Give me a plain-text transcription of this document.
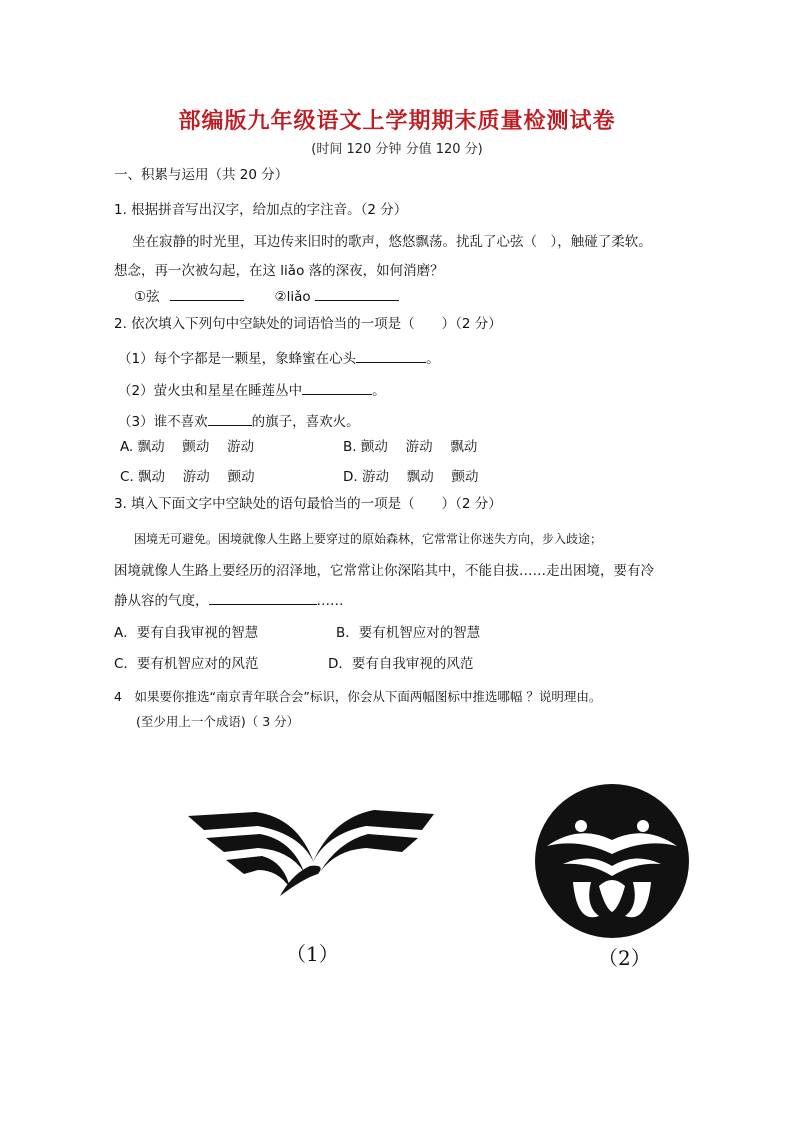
部编版九年级语文上学期期末质量检测试卷
(时间 120 分钟 分值 120 分)
一、积累与运用（共 20 分）
1. 根据拼音写出汉字，给加点的字注音。（2 分）
坐在寂静的时光里，耳边传来旧时的歌声，悠悠飘荡。扰乱了心弦（　），触碰了柔软。
想念，再一次被勾起，在这 liǎo 落的深夜，如何消磨？
①弦	②liǎo
2. 依次填入下列句中空缺处的词语恰当的一项是（　　）（2 分）
（1）每个字都是一颗星，象蜂蜜在心头	。
（2）萤火虫和星星在睡莲丛中	。
（3）谁不喜欢	的旗子，喜欢火。
A. 飘动　 颤动　 游动	B. 颤动　 游动　 飘动
C. 飘动　 游动　 颤动	D. 游动　 飘动　 颤动
3. 填入下面文字中空缺处的语句最恰当的一项是（　　）（2 分）
困境无可避免。困境就像人生路上要穿过的原始森林，它常常让你迷失方向，步入歧途；
困境就像人生路上要经历的沼泽地，它常常让你深陷其中，不能自拔……走出困境，要有冷
静从容的气度，	……
A．要有自我审视的智慧	B．要有机智应对的智慧
C．要有机智应对的风范	D．要有自我审视的风范
4　如果要你推选“南京青年联合会”标识，你会从下面两幅图标中推选哪幅 ？说明理由。
(至少用上一个成语)（ 3 分）
（1）	（2）
